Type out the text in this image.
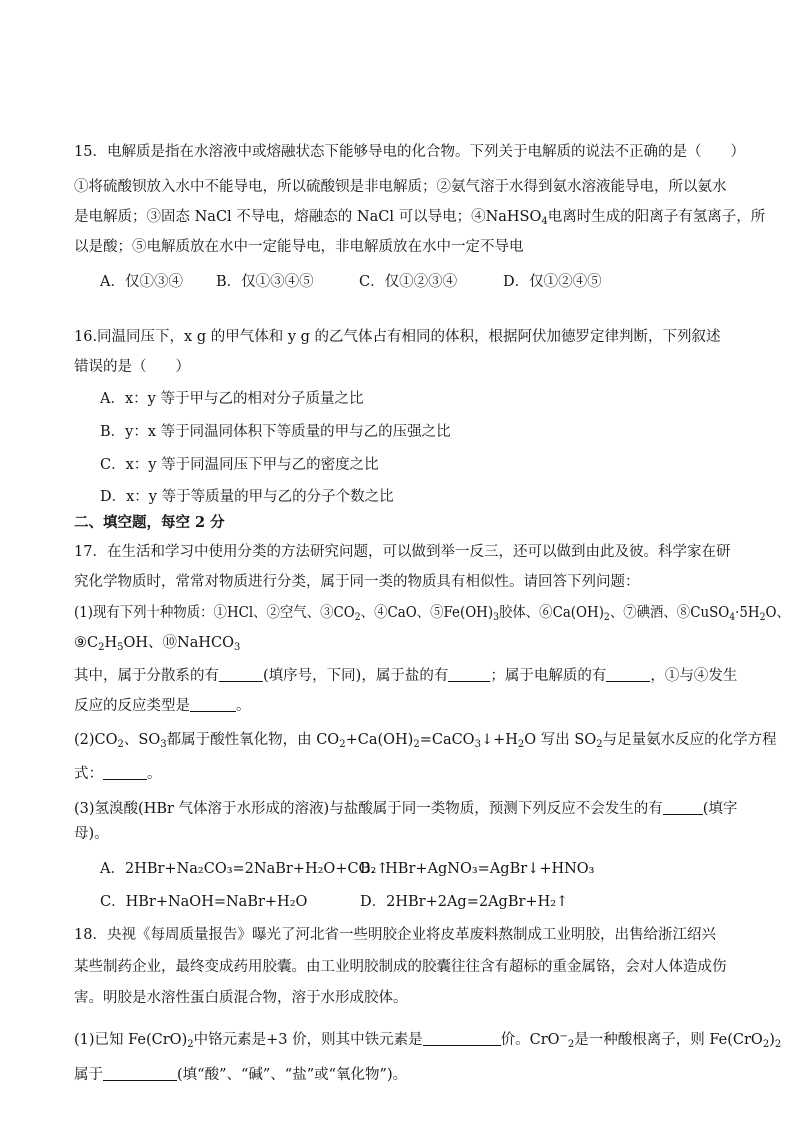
15．电解质是指在水溶液中或熔融状态下能够导电的化合物。下列关于电解质的说法不正确的是（　　）
①将硫酸钡放入水中不能导电，所以硫酸钡是非电解质；②氨气溶于水得到氨水溶液能导电，所以氨水
是电解质；③固态 NaCl 不导电，熔融态的 NaCl 可以导电；④NaHSO$_4$电离时生成的阳离子有氢离子，所
以是酸；⑤电解质放在水中一定能导电，非电解质放在水中一定不导电
A．仅①③④ B．仅①③④⑤	C．仅①②③④	D．仅①②④⑤
16.同温同压下，x g 的甲气体和 y g 的乙气体占有相同的体积，根据阿伏加德罗定律判断，下列叙述
错误的是（　　）
A．x：y 等于甲与乙的相对分子质量之比
B．y：x 等于同温同体积下等质量的甲与乙的压强之比
C．x：y 等于同温同压下甲与乙的密度之比
D．x：y 等于等质量的甲与乙的分子个数之比
二、填空题，每空 2 分
17．在生活和学习中使用分类的方法研究问题，可以做到举一反三，还可以做到由此及彼。科学家在研
究化学物质时，常常对物质进行分类，属于同一类的物质具有相似性。请回答下列问题：
(1)现有下列十种物质：①HCl、②空气、$③CO_2$、④CaO、$⑤Fe(OH)_3$胶体、$⑥Ca(OH)_2$、⑦碘酒、$⑧CuSO_4\cdot 5H_2O$、
$⑨C_2H_5OH$、⑩NaHCO$_3$
其中，属于分散系的有	(填序号，下同)，属于盐的有	；属于电解质的有	，①与④发生
反应的反应类型是	。
$(2)CO_2$、$SO_3$都属于酸性氧化物，由 $CO_2+Ca(OH)_2=CaCO_3↓+H_2O$ 写出 $SO_2$与足量氨水反应的化学方程
式：	。
(3)氢溴酸(HBr 气体溶于水形成的溶液)与盐酸属于同一类物质，预测下列反应不会发生的有	(填字
母)。
A．2HBr+Na₂CO₃=2NaBr+H₂O+CO₂↑
B．HBr+AgNO₃=AgBr↓+HNO₃
C．HBr+NaOH=NaBr+H₂O	D．2HBr+2Ag=2AgBr+H₂↑
18．央视《每周质量报告》曝光了河北省一些明胶企业将皮革废料熬制成工业明胶，出售给浙江绍兴
某些制药企业，最终变成药用胶囊。由工业明胶制成的胶囊往往含有超标的重金属铬，会对人体造成伤
害。明胶是水溶性蛋白质混合物，溶于水形成胶体。
(1)已知 $Fe(CrO)_2$中铬元素是+3 价，则其中铁元素是	价。CrO−$_2$是一种酸根离子，则 $Fe(CrO_2)_2$
属于	(填“酸”、“碱”、“盐”或“氧化物”)。
